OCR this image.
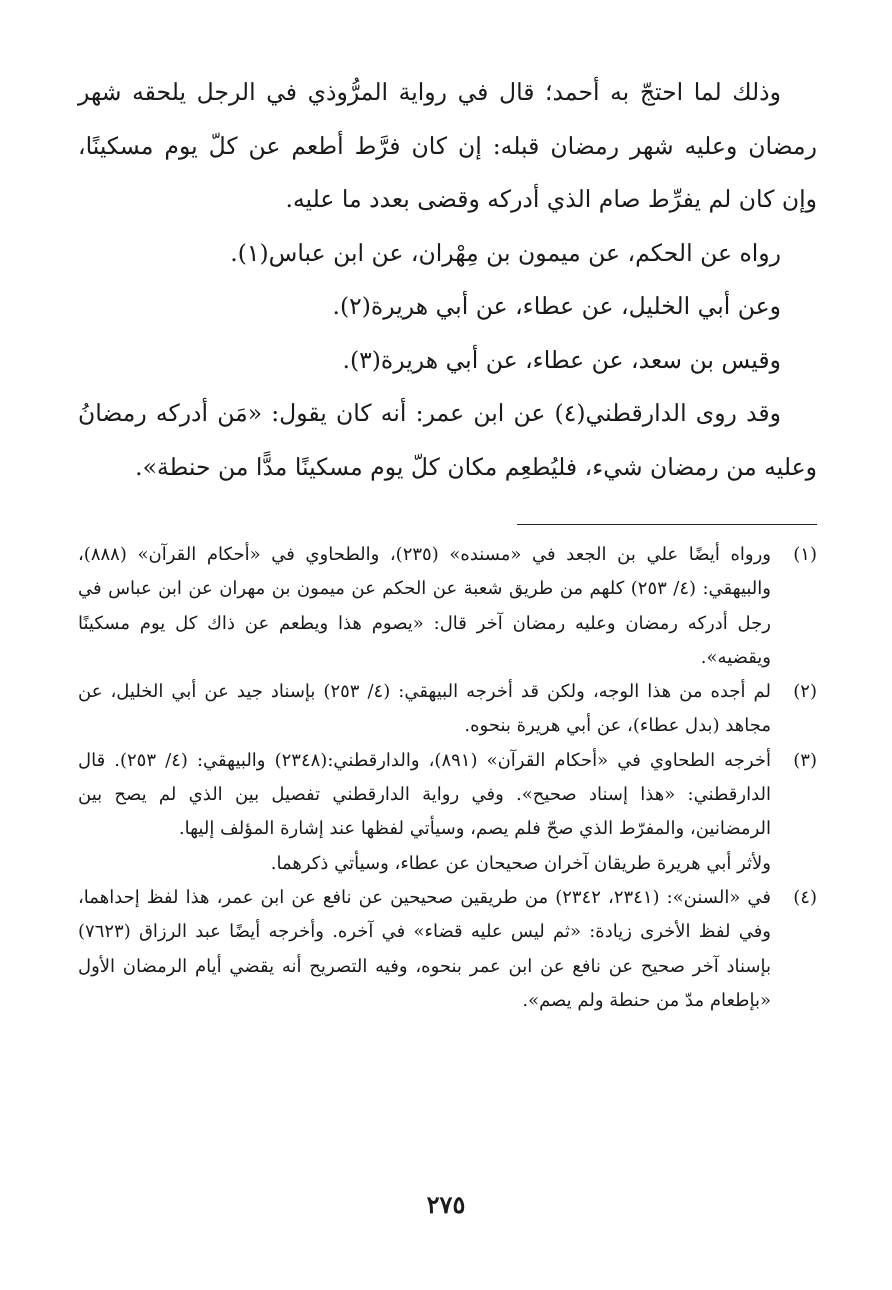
وذلك لما احتجّ به أحمد؛ قال في رواية المرُّوذي في الرجل يلحقه شهر رمضان وعليه شهر رمضان قبله: إن كان فرَّط أطعم عن كلّ يوم مسكينًا، وإن كان لم يفرِّط صام الذي أدركه وقضى بعدد ما عليه.

رواه عن الحكم، عن ميمون بن مِهْران، عن ابن عباس(١).

وعن أبي الخليل، عن عطاء، عن أبي هريرة(٢).

وقيس بن سعد، عن عطاء، عن أبي هريرة(٣).

وقد روى الدارقطني(٤) عن ابن عمر: أنه كان يقول: «مَن أدركه رمضانُ وعليه من رمضان شيء، فليُطعِم مكان كلّ يوم مسكينًا مدًّا من حنطة».

(١)
ورواه أيضًا علي بن الجعد في «مسنده» (٢٣٥)، والطحاوي في «أحكام القرآن» (٨٨٨)، والبيهقي: (٤/ ٢٥٣) كلهم من طريق شعبة عن الحكم عن ميمون بن مهران عن ابن عباس في رجل أدركه رمضان وعليه رمضان آخر قال: «يصوم هذا ويطعم عن ذاك كل يوم مسكينًا ويقضيه».
(٢)
لم أجده من هذا الوجه، ولكن قد أخرجه البيهقي: (٤/ ٢٥٣) بإسناد جيد عن أبي الخليل، عن مجاهد (بدل عطاء)، عن أبي هريرة بنحوه.
(٣)
أخرجه الطحاوي في «أحكام القرآن» (٨٩١)، والدارقطني:(٢٣٤٨) والبيهقي: (٤/ ٢٥٣). قال الدارقطني: «هذا إسناد صحيح». وفي رواية الدارقطني تفصيل بين الذي لم يصح بين الرمضانين، والمفرّط الذي صحّ فلم يصم، وسيأتي لفظها عند إشارة المؤلف إليها.
ولأثر أبي هريرة طريقان آخران صحيحان عن عطاء، وسيأتي ذكرهما.
(٤)
في «السنن»: (٢٣٤١، ٢٣٤٢) من طريقين صحيحين عن نافع عن ابن عمر، هذا لفظ إحداهما، وفي لفظ الأخرى زيادة: «ثم ليس عليه قضاء» في آخره. وأخرجه أيضًا عبد الرزاق (٧٦٢٣) بإسناد آخر صحيح عن نافع عن ابن عمر بنحوه، وفيه التصريح أنه يقضي أيام الرمضان الأول «بإطعام مدّ من حنطة ولم يصم».
٢٧٥
